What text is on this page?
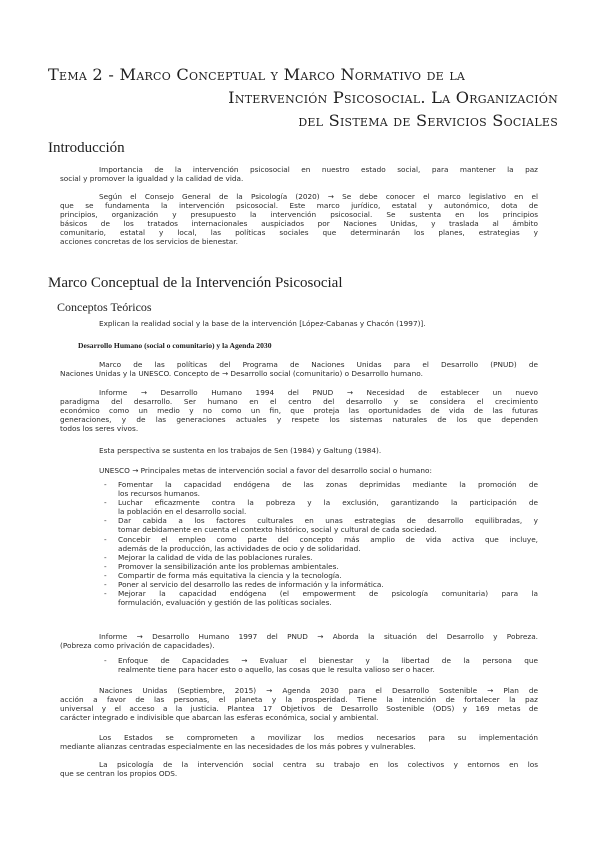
Tema 2 - Marco Conceptual y Marco Normativo de la
Intervención Psicosocial. La Organización
del Sistema de Servicios Sociales
Introducción

Importancia de la intervención psicosocial en nuestro estado social, para mantener la paz
social y promover la igualdad y la calidad de vida.

Según el Consejo General de la Psicología (2020) → Se debe conocer el marco legislativo en el
que se fundamenta la intervención psicosocial. Este marco jurídico, estatal y autonómico, dota de
principios, organización y presupuesto la intervención psicosocial. Se sustenta en los principios
básicos de los tratados internacionales auspiciados por Naciones Unidas, y traslada al ámbito
comunitario, estatal y local, las políticas sociales que determinarán los planes, estrategias y
acciones concretas de los servicios de bienestar.

Marco Conceptual de la Intervención Psicosocial
Conceptos Teóricos

Explican la realidad social y la base de la intervención [López-Cabanas y Chacón (1997)].

Desarrollo Humano (social o comunitario) y la Agenda 2030

Marco de las políticas del Programa de Naciones Unidas para el Desarrollo (PNUD) de
Naciones Unidas y la UNESCO. Concepto de → Desarrollo social (comunitario) o Desarrollo humano.

Informe → Desarrollo Humano 1994 del PNUD → Necesidad de establecer un nuevo
paradigma del desarrollo. Ser humano en el centro del desarrollo y se considera el crecimiento
económico como un medio y no como un fin, que proteja las oportunidades de vida de las futuras
generaciones, y de las generaciones actuales y respete los sistemas naturales de los que dependen
todos los seres vivos.

Esta perspectiva se sustenta en los trabajos de Sen (1984) y Galtung (1984).

UNESCO → Principales metas de intervención social a favor del desarrollo social o humano:

- Fomentar la capacidad endógena de las zonas deprimidas mediante la promoción de
los recursos humanos.
- Luchar eficazmente contra la pobreza y la exclusión, garantizando la participación de
la población en el desarrollo social.
- Dar cabida a los factores culturales en unas estrategias de desarrollo equilibradas, y
tomar debidamente en cuenta el contexto histórico, social y cultural de cada sociedad.
- Concebir el empleo como parte del concepto más amplio de vida activa que incluye,
además de la producción, las actividades de ocio y de solidaridad.
- Mejorar la calidad de vida de las poblaciones rurales.
- Promover la sensibilización ante los problemas ambientales.
- Compartir de forma más equitativa la ciencia y la tecnología.
- Poner al servicio del desarrollo las redes de información y la informática.
- Mejorar la capacidad endógena (el empowerment de psicología comunitaria) para la
formulación, evaluación y gestión de las políticas sociales.

Informe → Desarrollo Humano 1997 del PNUD → Aborda la situación del Desarrollo y Pobreza.
(Pobreza como privación de capacidades).

- Enfoque de Capacidades → Evaluar el bienestar y la libertad de la persona que
realmente tiene para hacer esto o aquello, las cosas que le resulta valioso ser o hacer.

Naciones Unidas (Septiembre, 2015) → Agenda 2030 para el Desarrollo Sostenible → Plan de
acción a favor de las personas, el planeta y la prosperidad. Tiene la intención de fortalecer la paz
universal y el acceso a la justicia. Plantea 17 Objetivos de Desarrollo Sostenible (ODS) y 169 metas de
carácter integrado e indivisible que abarcan las esferas económica, social y ambiental.

Los Estados se comprometen a movilizar los medios necesarios para su implementación
mediante alianzas centradas especialmente en las necesidades de los más pobres y vulnerables.

La psicología de la intervención social centra su trabajo en los colectivos y entornos en los
que se centran los propios ODS.
